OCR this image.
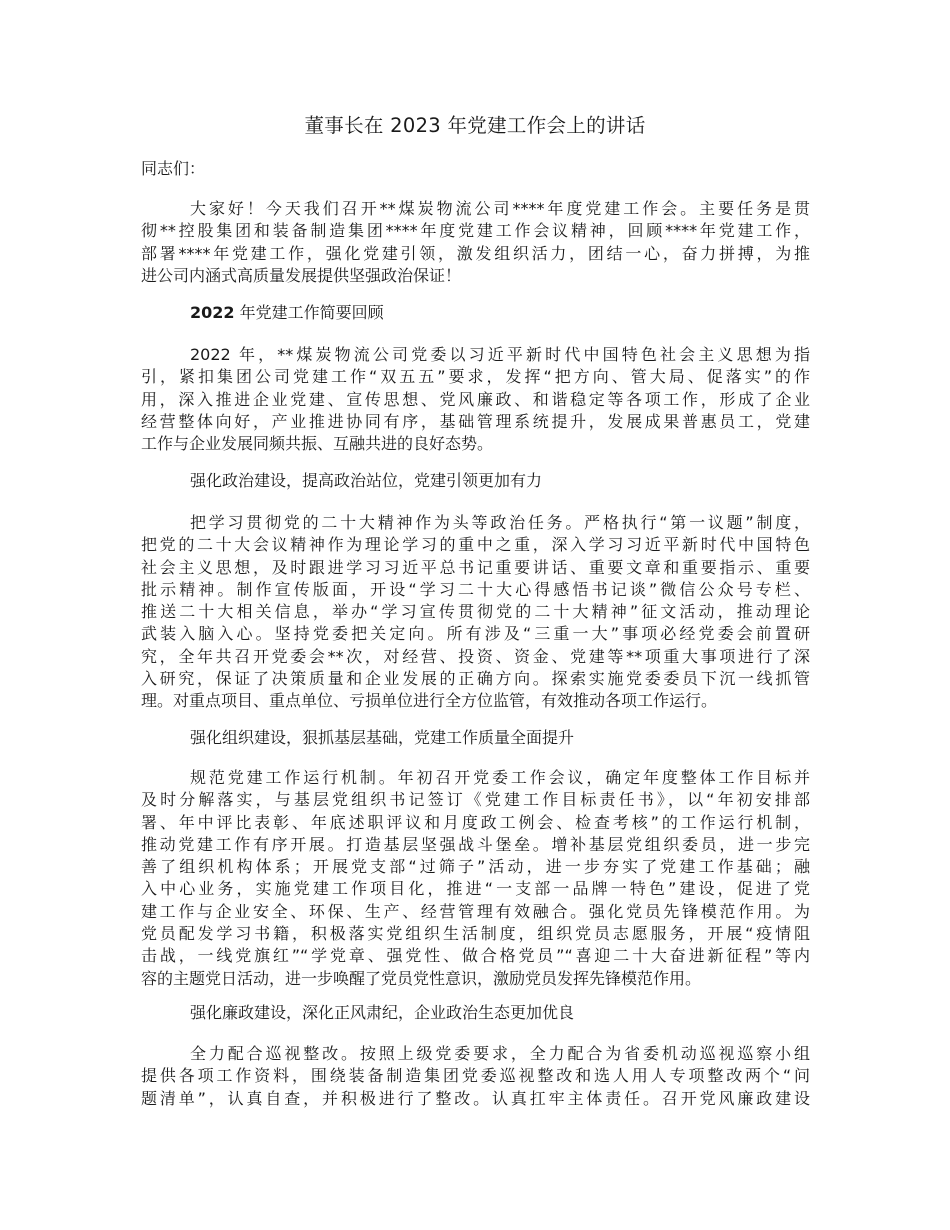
董事长在 2023 年党建工作会上的讲话
同志们：
大家好！今天我们召开**煤炭物流公司****年度党建工作会。主要任务是贯
彻**控股集团和装备制造集团****年度党建工作会议精神，回顾****年党建工作，
部署****年党建工作，强化党建引领，激发组织活力，团结一心，奋力拼搏，为推
进公司内涵式高质量发展提供坚强政治保证！
2022 年党建工作简要回顾
2022 年，**煤炭物流公司党委以习近平新时代中国特色社会主义思想为指
引，紧扣集团公司党建工作“双五五”要求，发挥“把方向、管大局、促落实”的作
用，深入推进企业党建、宣传思想、党风廉政、和谐稳定等各项工作，形成了企业
经营整体向好，产业推进协同有序，基础管理系统提升，发展成果普惠员工，党建
工作与企业发展同频共振、互融共进的良好态势。
强化政治建设，提高政治站位，党建引领更加有力
把学习贯彻党的二十大精神作为头等政治任务。严格执行“第一议题”制度，
把党的二十大会议精神作为理论学习的重中之重，深入学习习近平新时代中国特色
社会主义思想，及时跟进学习习近平总书记重要讲话、重要文章和重要指示、重要
批示精神。制作宣传版面，开设“学习二十大心得感悟书记谈”微信公众号专栏、
推送二十大相关信息，举办“学习宣传贯彻党的二十大精神”征文活动，推动理论
武装入脑入心。坚持党委把关定向。所有涉及“三重一大”事项必经党委会前置研
究，全年共召开党委会**次，对经营、投资、资金、党建等**项重大事项进行了深
入研究，保证了决策质量和企业发展的正确方向。探索实施党委委员下沉一线抓管
理。对重点项目、重点单位、亏损单位进行全方位监管，有效推动各项工作运行。
强化组织建设，狠抓基层基础，党建工作质量全面提升
规范党建工作运行机制。年初召开党委工作会议，确定年度整体工作目标并
及时分解落实，与基层党组织书记签订《党建工作目标责任书》，以“年初安排部
署、年中评比表彰、年底述职评议和月度政工例会、检查考核”的工作运行机制，
推动党建工作有序开展。打造基层坚强战斗堡垒。增补基层党组织委员，进一步完
善了组织机构体系；开展党支部“过筛子”活动，进一步夯实了党建工作基础；融
入中心业务，实施党建工作项目化，推进“一支部一品牌一特色”建设，促进了党
建工作与企业安全、环保、生产、经营管理有效融合。强化党员先锋模范作用。为
党员配发学习书籍，积极落实党组织生活制度，组织党员志愿服务，开展“疫情阻
击战，一线党旗红”“学党章、强党性、做合格党员”“喜迎二十大奋进新征程”等内
容的主题党日活动，进一步唤醒了党员党性意识，激励党员发挥先锋模范作用。
强化廉政建设，深化正风肃纪，企业政治生态更加优良
全力配合巡视整改。按照上级党委要求，全力配合为省委机动巡视巡察小组
提供各项工作资料，围绕装备制造集团党委巡视整改和选人用人专项整改两个“问
题清单”，认真自查，并积极进行了整改。认真扛牢主体责任。召开党风廉政建设
